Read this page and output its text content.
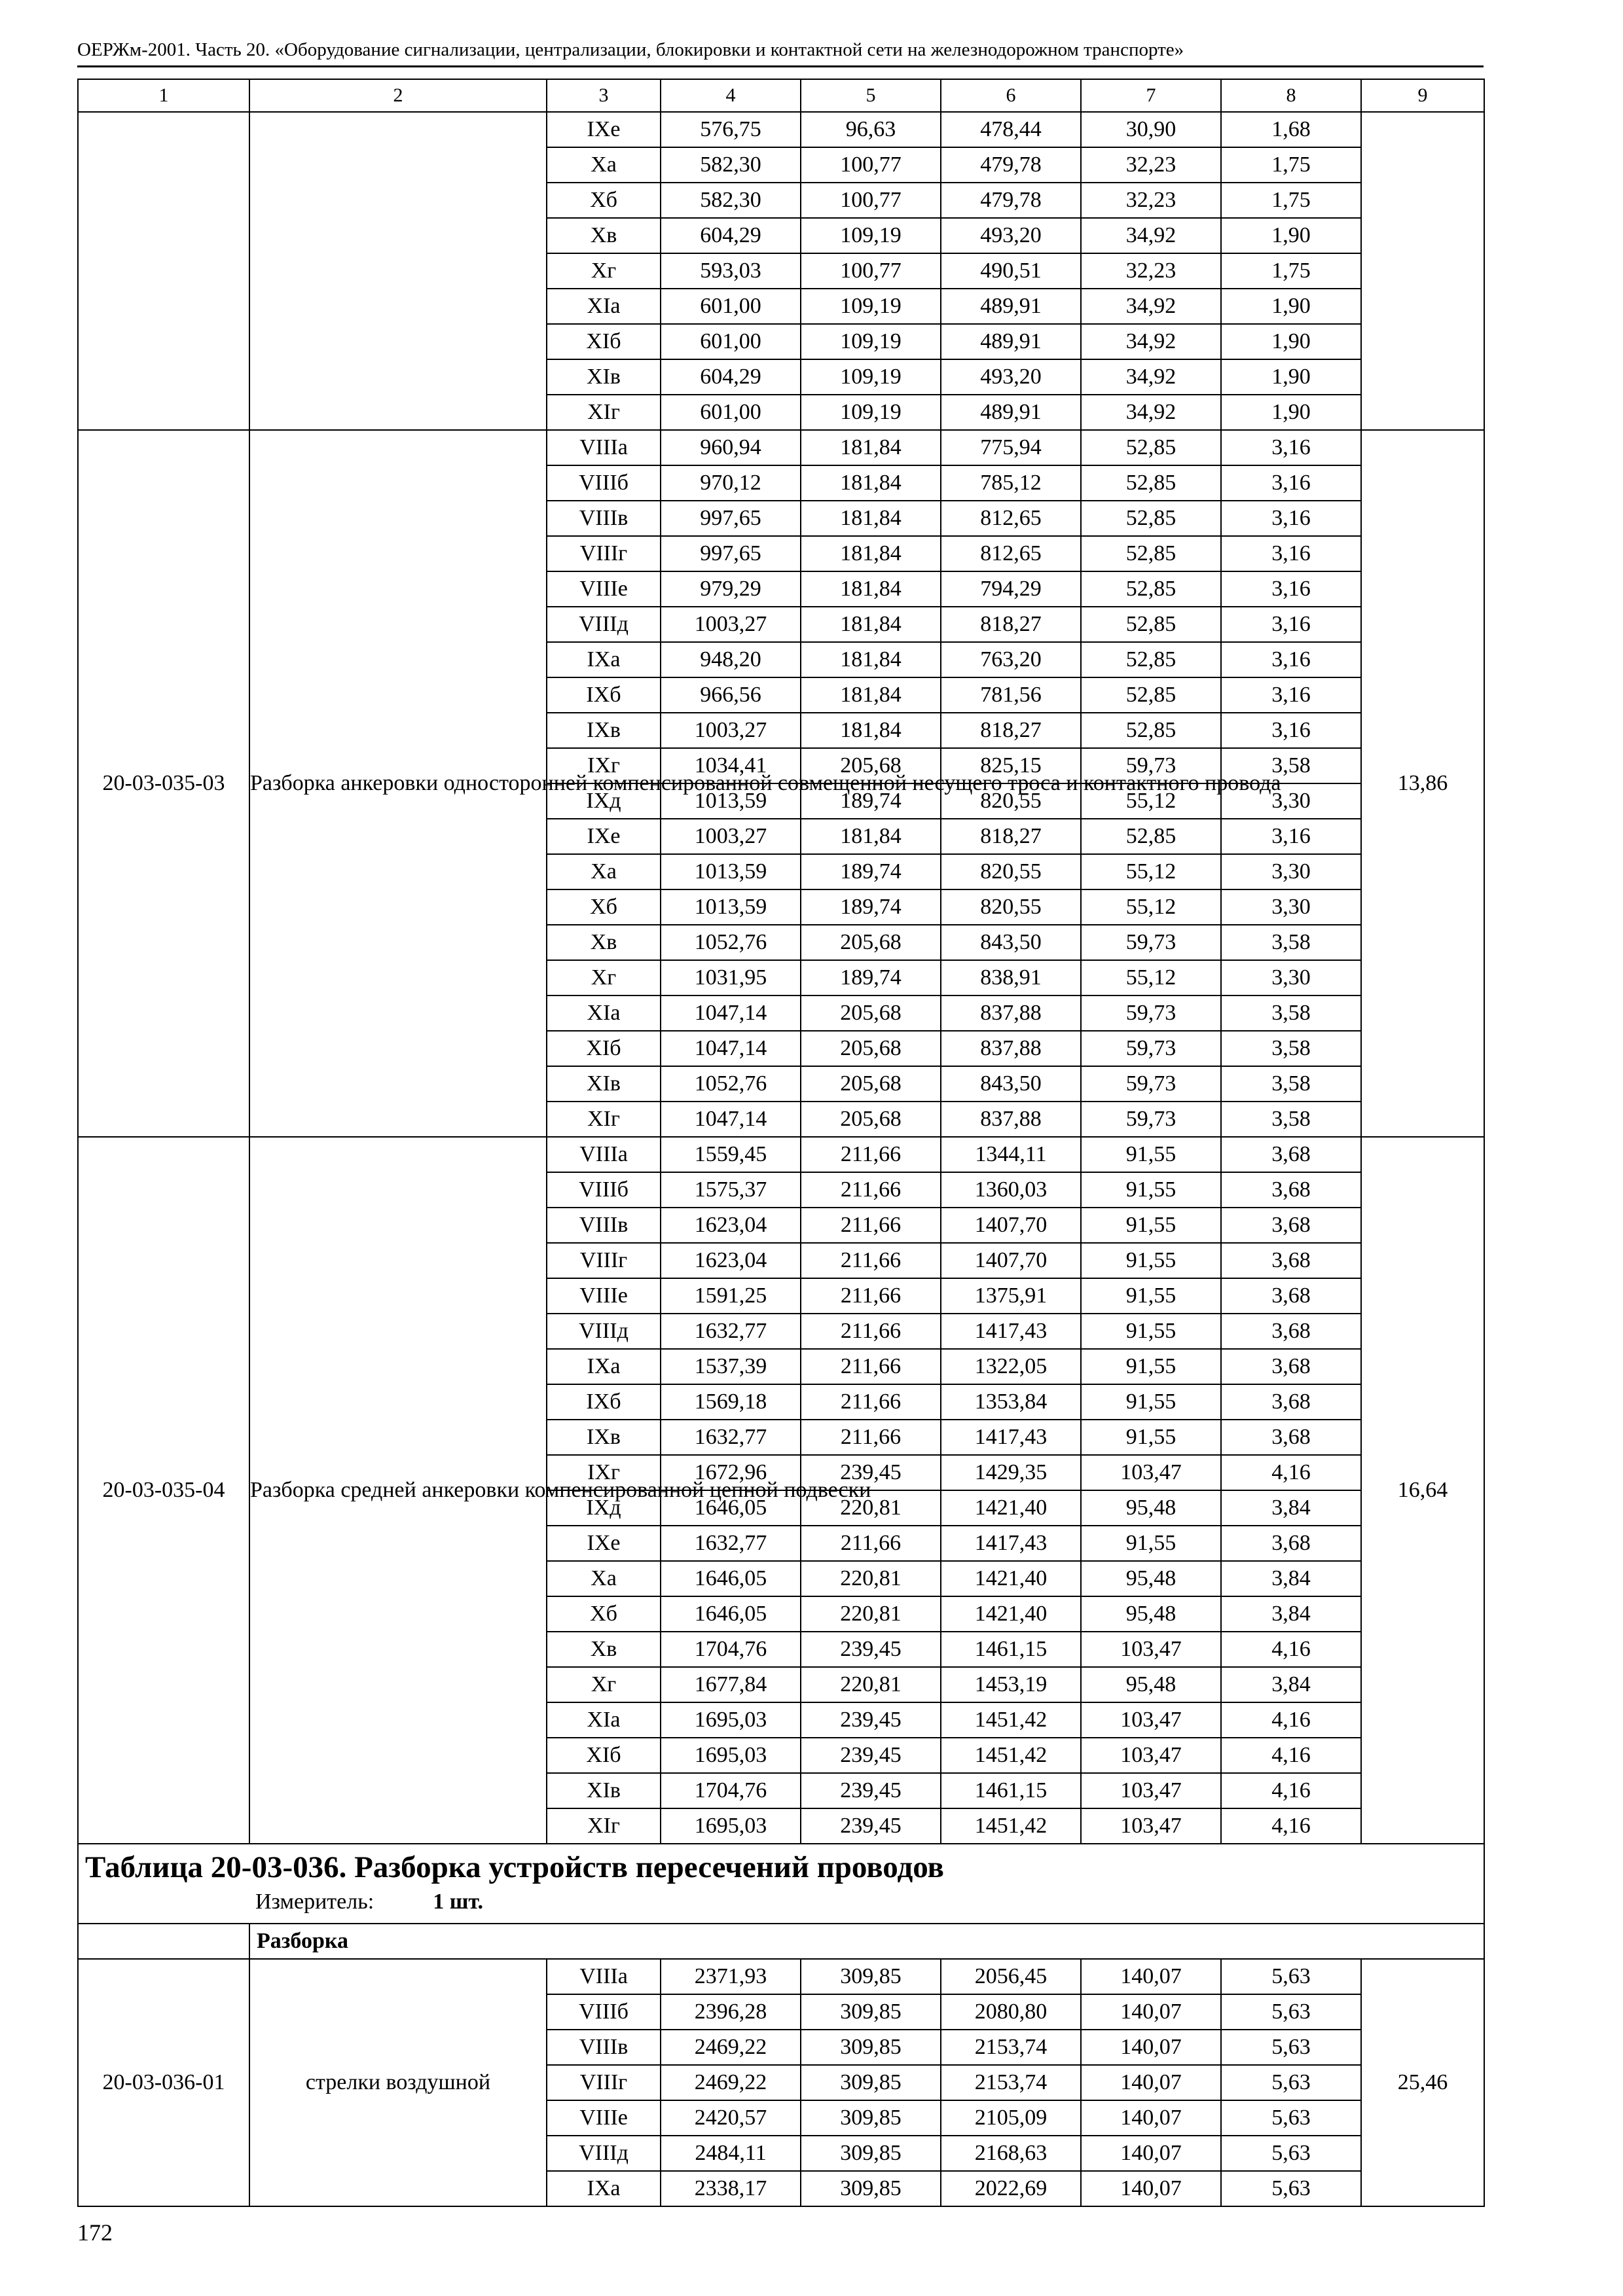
ОЕРЖм-2001. Часть 20. «Оборудование сигнализации, централизации, блокировки и контактной сети на железнодорожном транспорте»
1	2	3	4	5	6	7	8	9
		IXе	576,75	96,63	478,44	30,90	1,68	
		Xа	582,30	100,77	479,78	32,23	1,75	
		Xб	582,30	100,77	479,78	32,23	1,75	
		Xв	604,29	109,19	493,20	34,92	1,90	
		Xг	593,03	100,77	490,51	32,23	1,75	
		XIа	601,00	109,19	489,91	34,92	1,90	
		XIб	601,00	109,19	489,91	34,92	1,90	
		XIв	604,29	109,19	493,20	34,92	1,90	
		XIг	601,00	109,19	489,91	34,92	1,90	
20-03-035-03	Разборка анкеровки односторонней компенсированной совмещенной несущего троса и контактного провода	VIIIа	960,94	181,84	775,94	52,85	3,16	13,86
		VIIIб	970,12	181,84	785,12	52,85	3,16	
		VIIIв	997,65	181,84	812,65	52,85	3,16	
		VIIIг	997,65	181,84	812,65	52,85	3,16	
		VIIIе	979,29	181,84	794,29	52,85	3,16	
		VIIIд	1003,27	181,84	818,27	52,85	3,16	
		IXа	948,20	181,84	763,20	52,85	3,16	
		IXб	966,56	181,84	781,56	52,85	3,16	
		IXв	1003,27	181,84	818,27	52,85	3,16	
		IXг	1034,41	205,68	825,15	59,73	3,58	
		IXд	1013,59	189,74	820,55	55,12	3,30	
		IXе	1003,27	181,84	818,27	52,85	3,16	
		Xа	1013,59	189,74	820,55	55,12	3,30	
		Xб	1013,59	189,74	820,55	55,12	3,30	
		Xв	1052,76	205,68	843,50	59,73	3,58	
		Xг	1031,95	189,74	838,91	55,12	3,30	
		XIа	1047,14	205,68	837,88	59,73	3,58	
		XIб	1047,14	205,68	837,88	59,73	3,58	
		XIв	1052,76	205,68	843,50	59,73	3,58	
		XIг	1047,14	205,68	837,88	59,73	3,58	
20-03-035-04	Разборка средней анкеровки компенсированной цепной подвески	VIIIа	1559,45	211,66	1344,11	91,55	3,68	16,64
		VIIIб	1575,37	211,66	1360,03	91,55	3,68	
		VIIIв	1623,04	211,66	1407,70	91,55	3,68	
		VIIIг	1623,04	211,66	1407,70	91,55	3,68	
		VIIIе	1591,25	211,66	1375,91	91,55	3,68	
		VIIIд	1632,77	211,66	1417,43	91,55	3,68	
		IXа	1537,39	211,66	1322,05	91,55	3,68	
		IXб	1569,18	211,66	1353,84	91,55	3,68	
		IXв	1632,77	211,66	1417,43	91,55	3,68	
		IXг	1672,96	239,45	1429,35	103,47	4,16	
		IXд	1646,05	220,81	1421,40	95,48	3,84	
		IXе	1632,77	211,66	1417,43	91,55	3,68	
		Xа	1646,05	220,81	1421,40	95,48	3,84	
		Xб	1646,05	220,81	1421,40	95,48	3,84	
		Xв	1704,76	239,45	1461,15	103,47	4,16	
		Xг	1677,84	220,81	1453,19	95,48	3,84	
		XIа	1695,03	239,45	1451,42	103,47	4,16	
		XIб	1695,03	239,45	1451,42	103,47	4,16	
		XIв	1704,76	239,45	1461,15	103,47	4,16	
		XIг	1695,03	239,45	1451,42	103,47	4,16	

Таблица 20-03-036. Разборка устройств пересечений проводов
Измеритель: 1 шт.								

	Разборка							
20-03-036-01	стрелки воздушной	VIIIа	2371,93	309,85	2056,45	140,07	5,63	25,46
		VIIIб	2396,28	309,85	2080,80	140,07	5,63	
		VIIIв	2469,22	309,85	2153,74	140,07	5,63	
		VIIIг	2469,22	309,85	2153,74	140,07	5,63	
		VIIIе	2420,57	309,85	2105,09	140,07	5,63	
		VIIIд	2484,11	309,85	2168,63	140,07	5,63	
		IXа	2338,17	309,85	2022,69	140,07	5,63	
172
